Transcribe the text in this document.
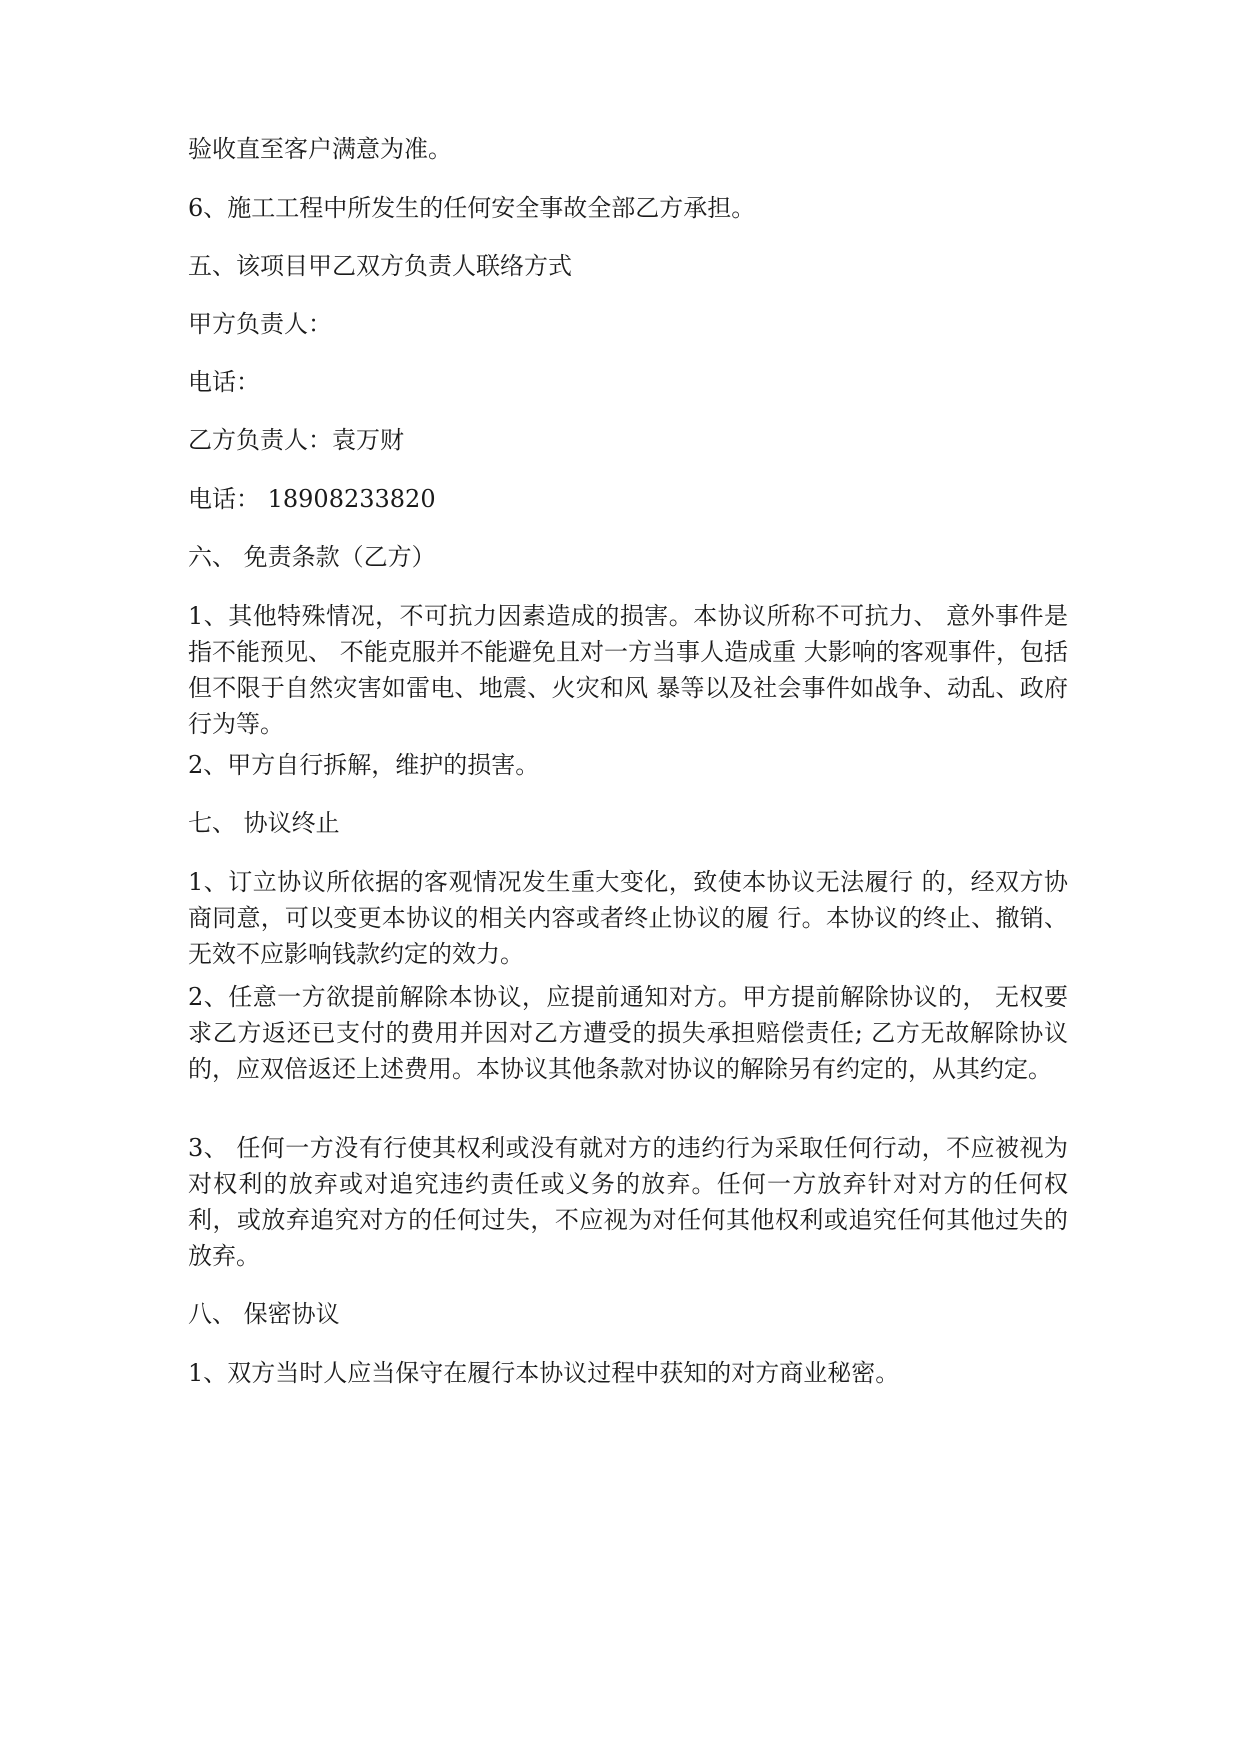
验收直至客户满意为准。

6、施工工程中所发生的任何安全事故全部乙方承担。

五、该项目甲乙双方负责人联络方式

甲方负责人：

电话：

乙方负责人：袁万财

电话： 18908233820

六、 免责条款（乙方）

1、其他特殊情况，不可抗力因素造成的损害。本协议所称不可抗力、 意外事件是指不能预见、 不能克服并不能避免且对一方当事人造成重 大影响的客观事件，包括但不限于自然灾害如雷电、地震、火灾和风 暴等以及社会事件如战争、动乱、政府行为等。

2、甲方自行拆解，维护的损害。

七、 协议终止

1、订立协议所依据的客观情况发生重大变化，致使本协议无法履行 的，经双方协商同意，可以变更本协议的相关内容或者终止协议的履 行。本协议的终止、撤销、无效不应影响钱款约定的效力。

2、任意一方欲提前解除本协议，应提前通知对方。甲方提前解除协议的， 无权要求乙方返还已支付的费用并因对乙方遭受的损失承担赔偿责任; 乙方无故解除协议的，应双倍返还上述费用。本协议其他条款对协议的解除另有约定的，从其约定。

3、 任何一方没有行使其权利或没有就对方的违约行为采取任何行动，不应被视为对权利的放弃或对追究违约责任或义务的放弃。任何一方放弃针对对方的任何权利，或放弃追究对方的任何过失，不应视为对任何其他权利或追究任何其他过失的放弃。

八、 保密协议

1、双方当时人应当保守在履行本协议过程中获知的对方商业秘密。
